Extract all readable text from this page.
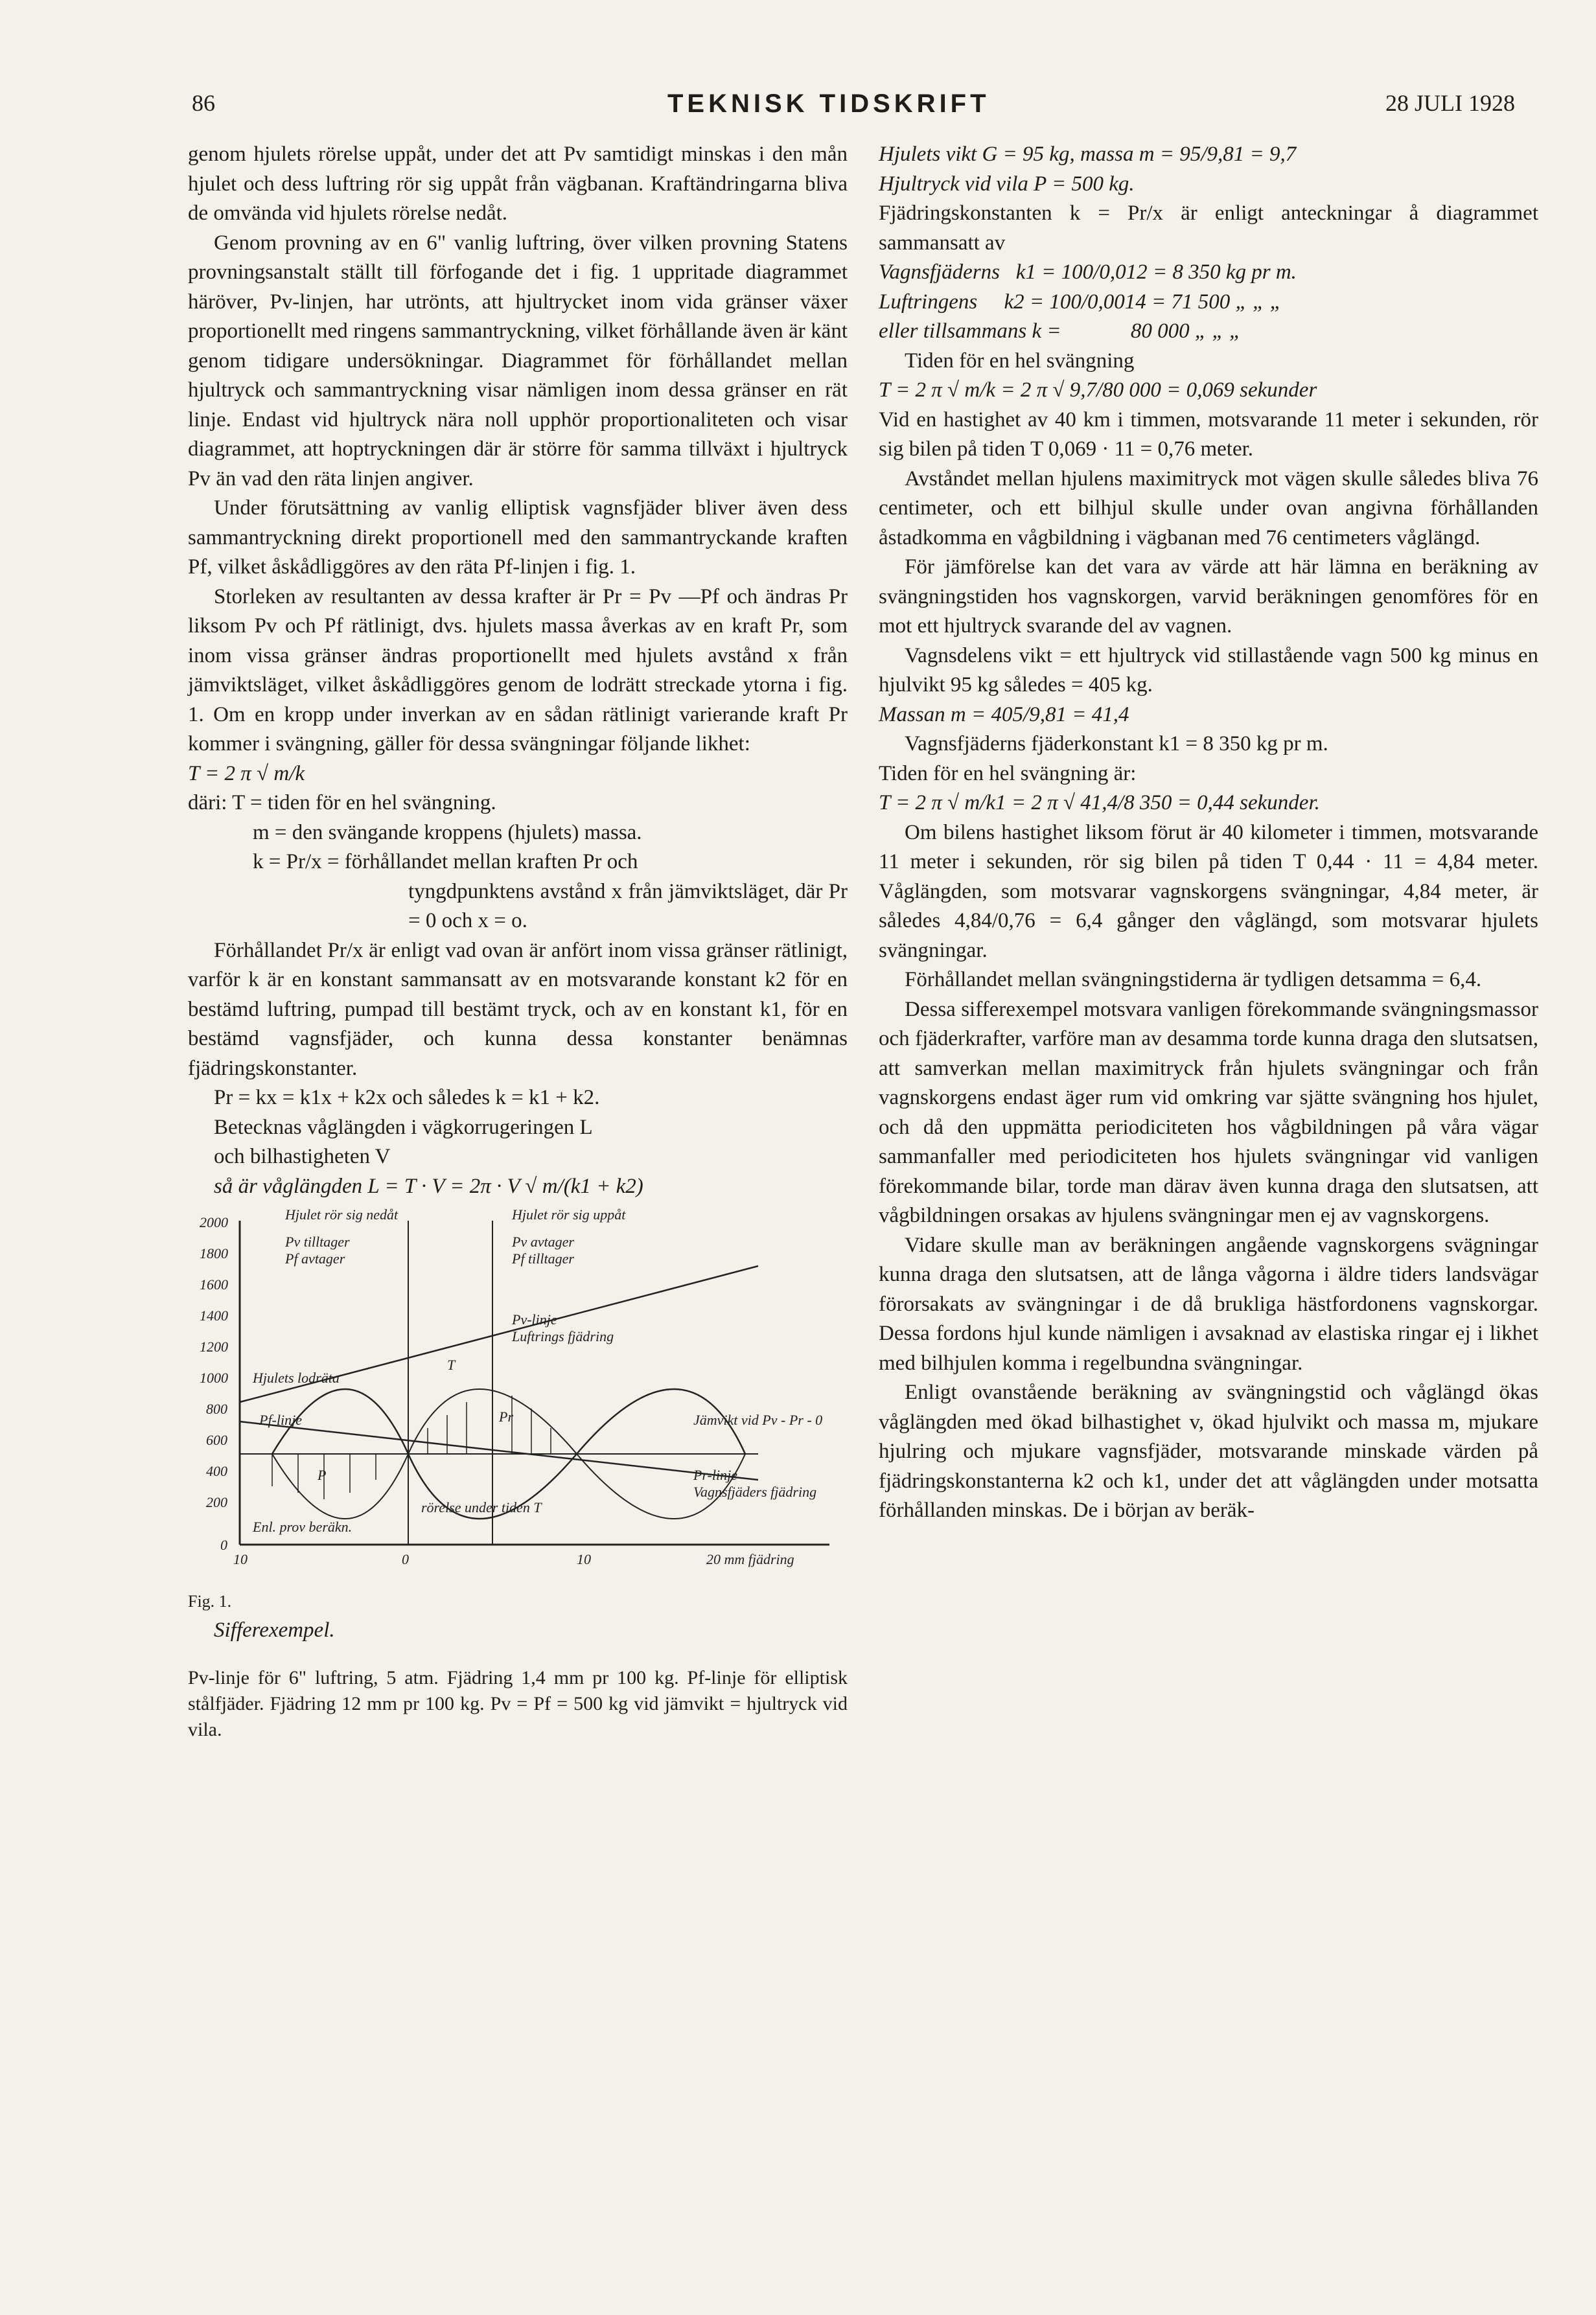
86	TEKNISK TIDSKRIFT	28 JULI 1928

genom hjulets rörelse uppåt, under det att Pv samtidigt minskas i den mån hjulet och dess luftring rör sig uppåt från vägbanan. Kraftändringarna bliva de omvända vid hjulets rörelse nedåt.

Genom provning av en 6" vanlig luftring, över vilken provning Statens provningsanstalt ställt till förfogande det i fig. 1 uppritade diagrammet häröver, Pv-linjen, har utrönts, att hjultrycket inom vida gränser växer proportionellt med ringens sammantryckning, vilket förhållande även är känt genom tidigare undersökningar. Diagrammet för förhållandet mellan hjultryck och sammantryckning visar nämligen inom dessa gränser en rät linje. Endast vid hjultryck nära noll upphör proportionaliteten och visar diagrammet, att hoptryckningen där är större för samma tillväxt i hjultryck Pv än vad den räta linjen angiver.

Under förutsättning av vanlig elliptisk vagnsfjäder bliver även dess sammantryckning direkt proportionell med den sammantryckande kraften Pf, vilket åskådliggöres av den räta Pf-linjen i fig. 1.

Storleken av resultanten av dessa krafter är Pr = Pv —Pf och ändras Pr liksom Pv och Pf rätlinigt, dvs. hjulets massa åverkas av en kraft Pr, som inom vissa gränser ändras proportionellt med hjulets avstånd x från jämviktsläget, vilket åskådliggöres genom de lodrätt streckade ytorna i fig. 1. Om en kropp under inverkan av en sådan rätlinigt varierande kraft Pr kommer i svängning, gäller för dessa svängningar följande likhet:

T = 2 π √ m/k

däri: T = tiden för en hel svängning.

m = den svängande kroppens (hjulets) massa.

k = Pr/x = förhållandet mellan kraften Pr och

tyngdpunktens avstånd x från jämviktsläget, där Pr = 0 och x = o.

Förhållandet Pr/x är enligt vad ovan är anfört inom vissa gränser rätlinigt, varför k är en konstant sammansatt av en motsvarande konstant k2 för en bestämd luftring, pumpad till bestämt tryck, och av en konstant k1, för en bestämd vagnsfjäder, och kunna dessa konstanter benämnas fjädringskonstanter.

Pr = kx = k1x + k2x och således k = k1 + k2.

Betecknas våglängden i vägkorrugeringen L

och bilhastigheten V

så är våglängden L = T · V = 2π · V √ m/(k1 + k2)

2000
1800
1600
1400
1200
1000
800
600
400
200
0
10	0	10	20 mm fjädring
Hjulet rör sig nedåt	Hjulet rör sig uppåt
Pv tilltager
Pf avtager
Pv avtager
Pf tilltager
Pv-linje
Luftrings fjädring
Hjulets lodräta
T
Pr
Pf-linje	Jämvikt vid Pv - Pr - 0
Pr-linje
Vagnsfjäders fjädring
P
Enl. prov beräkn.
rörelse under tiden T

Fig. 1.

Sifferexempel.

Pv-linje för 6" luftring, 5 atm. Fjädring 1,4 mm pr 100 kg. Pf-linje för elliptisk stålfjäder. Fjädring 12 mm pr 100 kg. Pv = Pf = 500 kg vid jämvikt = hjultryck vid vila.

Hjulets vikt G = 95 kg, massa m = 95/9,81 = 9,7

Hjultryck vid vila P = 500 kg.

Fjädringskonstanten k = Pr/x är enligt anteckningar å diagrammet sammansatt av

Vagnsfjäderns   k1 = 100/0,012 = 8 350 kg pr m.

Luftringens     k2 = 100/0,0014 = 71 500 „ „ „

eller tillsammans k =             80 000 „ „ „

Tiden för en hel svängning

T = 2 π √ m/k = 2 π √ 9,7/80 000 = 0,069 sekunder

Vid en hastighet av 40 km i timmen, motsvarande 11 meter i sekunden, rör sig bilen på tiden T 0,069 · 11 = 0,76 meter.

Avståndet mellan hjulens maximitryck mot vägen skulle således bliva 76 centimeter, och ett bilhjul skulle under ovan angivna förhållanden åstadkomma en vågbildning i vägbanan med 76 centimeters våglängd.

För jämförelse kan det vara av värde att här lämna en beräkning av svängningstiden hos vagnskorgen, varvid beräkningen genomföres för en mot ett hjultryck svarande del av vagnen.

Vagnsdelens vikt = ett hjultryck vid stillastående vagn 500 kg minus en hjulvikt 95 kg således = 405 kg.

Massan m = 405/9,81 = 41,4

Vagnsfjäderns fjäderkonstant k1 = 8 350 kg pr m.

Tiden för en hel svängning är:

T = 2 π √ m/k1 = 2 π √ 41,4/8 350 = 0,44 sekunder.

Om bilens hastighet liksom förut är 40 kilometer i timmen, motsvarande 11 meter i sekunden, rör sig bilen på tiden T 0,44 · 11 = 4,84 meter. Våglängden, som motsvarar vagnskorgens svängningar, 4,84 meter, är således 4,84/0,76 = 6,4 gånger den våglängd, som motsvarar hjulets svängningar.

Förhållandet mellan svängningstiderna är tydligen detsamma = 6,4.

Dessa sifferexempel motsvara vanligen förekommande svängningsmassor och fjäderkrafter, varföre man av desamma torde kunna draga den slutsatsen, att samverkan mellan maximitryck från hjulets svängningar och från vagnskorgens endast äger rum vid omkring var sjätte svängning hos hjulet, och då den uppmätta periodiciteten hos vågbildningen på våra vägar sammanfaller med periodiciteten hos hjulets svängningar vid vanligen förekommande bilar, torde man därav även kunna draga den slutsatsen, att vågbildningen orsakas av hjulens svängningar men ej av vagnskorgens.

Vidare skulle man av beräkningen angående vagnskorgens svägningar kunna draga den slutsatsen, att de långa vågorna i äldre tiders landsvägar förorsakats av svängningar i de då brukliga hästfordonens vagnskorgar. Dessa fordons hjul kunde nämligen i avsaknad av elastiska ringar ej i likhet med bilhjulen komma i regelbundna svängningar.

Enligt ovanstående beräkning av svängningstid och våglängd ökas våglängden med ökad bilhastighet v, ökad hjulvikt och massa m, mjukare hjulring och mjukare vagnsfjäder, motsvarande minskade värden på fjädringskonstanterna k2 och k1, under det att våglängden under motsatta förhållanden minskas. De i början av beräk-
